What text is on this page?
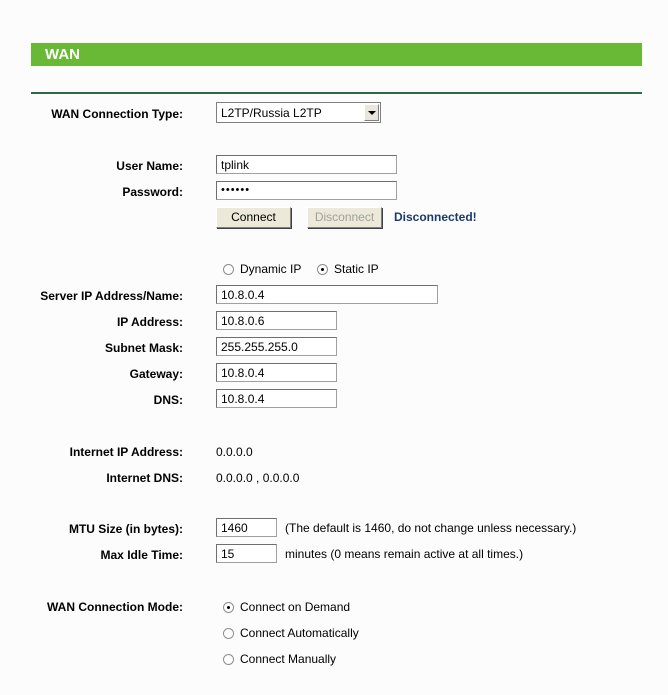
WAN
WAN Connection Type:	L2TP/Russia L2TP
User Name:
tplink
Password:	••••••
Connect	Disconnect	Disconnected!
Dynamic IP	Static IP
Server IP Address/Name:
10.8.0.4
IP Address:
10.8.0.6
Subnet Mask:
255.255.255.0
Gateway:
10.8.0.4
DNS:
10.8.0.4
Internet IP Address:	0.0.0.0
Internet DNS:	0.0.0.0 , 0.0.0.0
MTU Size (in bytes):
1460	(The default is 1460, do not change unless necessary.)
Max Idle Time:
15	minutes (0 means remain active at all times.)
WAN Connection Mode:	Connect on Demand
Connect Automatically
Connect Manually
